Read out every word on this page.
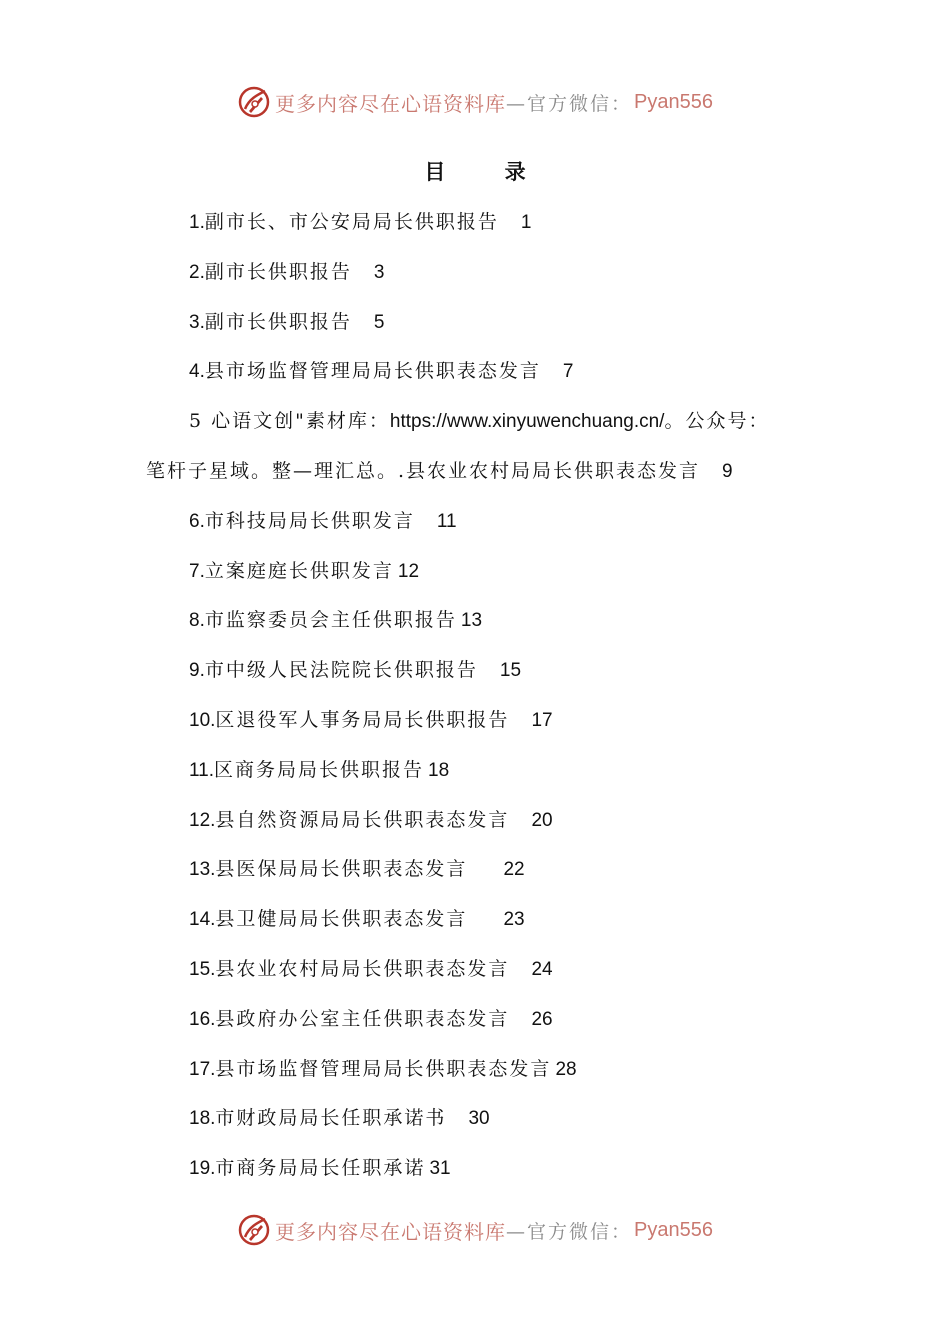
更多内容尽在心语资料库 —官方微信： Pyan556
目 录
1.副市长、市公安局局长供职报告 1
2.副市长供职报告 3
3.副市长供职报告 5
4.县市场监督管理局局长供职表态发言 7
5 心语文创"素材库：https://www.xinyuwenchuang.cn/。公众号：
笔杆子星域。整—理汇总。.县农业农村局局长供职表态发言 9
6.市科技局局长供职发言 11
7.立案庭庭长供职发言 12
8.市监察委员会主任供职报告 13
9.市中级人民法院院长供职报告 15
10.区退役军人事务局局长供职报告 17
11.区商务局局长供职报告 18
12.县自然资源局局长供职表态发言 20
13.县医保局局长供职表态发言 22
14.县卫健局局长供职表态发言 23
15.县农业农村局局长供职表态发言 24
16.县政府办公室主任供职表态发言 26
17.县市场监督管理局局长供职表态发言 28
18.市财政局局长任职承诺书 30
19.市商务局局长任职承诺 31
更多内容尽在心语资料库 —官方微信： Pyan556
